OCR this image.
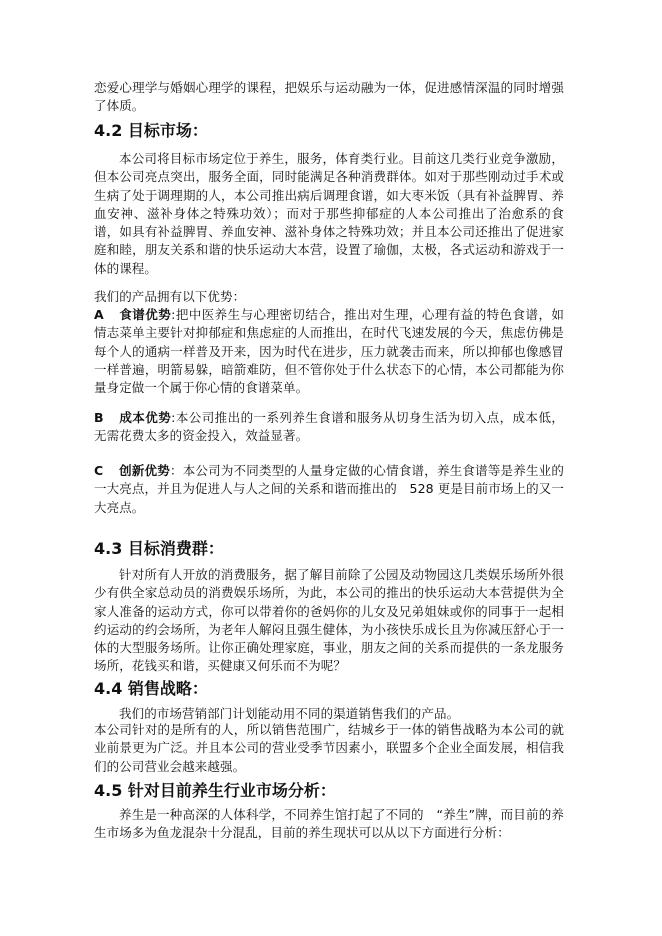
恋爱心理学与婚姻心理学的课程，把娱乐与运动融为一体，促进感情深温的同时增强了体质。

4.2 目标市场：

本公司将目标市场定位于养生，服务，体育类行业。目前这几类行业竞争激励，但本公司亮点突出，服务全面，同时能满足各种消费群体。如对于那些刚动过手术或生病了处于调理期的人，本公司推出病后调理食谱，如大枣米饭（具有补益脾胃、养血安神、滋补身体之特殊功效）；而对于那些抑郁症的人本公司推出了治愈系的食谱，如具有补益脾胃、养血安神、滋补身体之特殊功效；并且本公司还推出了促进家庭和睦，朋友关系和谐的快乐运动大本营，设置了瑜伽，太极，各式运动和游戏于一体的课程。

我们的产品拥有以下优势：

A 食谱优势:把中医养生与心理密切结合，推出对生理，心理有益的特色食谱，如情志菜单主要针对抑郁症和焦虑症的人而推出，在时代飞速发展的今天，焦虑仿佛是每个人的通病一样普及开来，因为时代在进步，压力就袭击而来，所以抑郁也像感冒一样普遍，明箭易躲，暗箭难防，但不管你处于什么状态下的心情，本公司都能为你量身定做一个属于你心情的食谱菜单。

B 成本优势:本公司推出的一系列养生食谱和服务从切身生活为切入点，成本低，无需花费太多的资金投入，效益显著。

C 创新优势：本公司为不同类型的人量身定做的心情食谱，养生食谱等是养生业的一大亮点，并且为促进人与人之间的关系和谐而推出的　528 更是目前市场上的又一大亮点。

4.3 目标消费群：

针对所有人开放的消费服务，据了解目前除了公园及动物园这几类娱乐场所外很少有供全家总动员的消费娱乐场所，为此，本公司的推出的快乐运动大本营提供为全家人准备的运动方式，你可以带着你的爸妈你的儿女及兄弟姐妹或你的同事于一起相约运动的约会场所，为老年人解闷且强生健体，为小孩快乐成长且为你减压舒心于一体的大型服务场所。让你正确处理家庭，事业，朋友之间的关系而提供的一条龙服务场所，花钱买和谐，买健康又何乐而不为呢？

4.4 销售战略：

我们的市场营销部门计划能动用不同的渠道销售我们的产品。

本公司针对的是所有的人，所以销售范围广，结城乡于一体的销售战略为本公司的就业前景更为广泛。并且本公司的营业受季节因素小，联盟多个企业全面发展，相信我们的公司营业会越来越强。

4.5 针对目前养生行业市场分析：

养生是一种高深的人体科学，不同养生馆打起了不同的　“养生”牌，而目前的养生市场多为鱼龙混杂十分混乱，目前的养生现状可以从以下方面进行分析：
